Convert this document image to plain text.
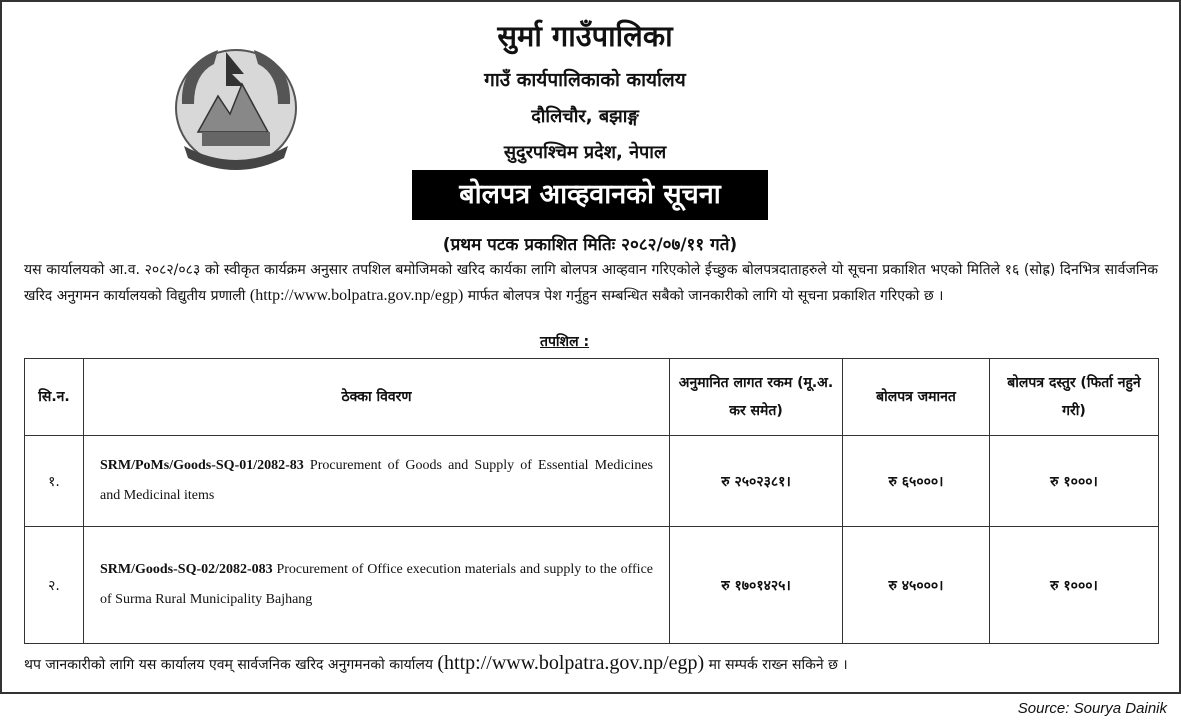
सुर्मा गाउँपालिका
गाउँ कार्यपालिकाको कार्यालय
दौलिचौर, बझाङ्ग
सुदुरपश्चिम प्रदेश, नेपाल
बोलपत्र आव्हवानको सूचना
(प्रथम पटक प्रकाशित मितिः २०८२/०७/११ गते)
यस कार्यालयको आ.व. २०८२/०८३ को स्वीकृत कार्यक्रम अनुसार तपशिल बमोजिमको खरिद कार्यका लागि बोलपत्र आव्हवान गरिएकोले ईच्छुक बोलपत्रदाताहरुले यो सूचना प्रकाशित भएको मितिले १६ (सोह्र) दिनभित्र सार्वजनिक खरिद अनुगमन कार्यालयको विद्युतीय प्रणाली (http://www.bolpatra.gov.np/egp) मार्फत बोलपत्र पेश गर्नुहुन सम्बन्धित सबैको जानकारीको लागि यो सूचना प्रकाशित गरिएको छ ।
तपशिल :
सि.न.	ठेक्का विवरण	अनुमानित लागत रकम (मू.अ. कर समेत)	बोलपत्र जमानत	बोलपत्र दस्तुर (फिर्ता नहुने गरी)
१.	SRM/PoMs/Goods-SQ-01/2082-83 Procurement of Goods and Supply of Essential Medicines and Medicinal items	रु २५०२३८१।	रु ६५०००।	रु १०००।
२.	SRM/Goods-SQ-02/2082-083 Procurement of Office execution materials and supply to the office of Surma Rural Municipality Bajhang	रु १७०१४२५।	रु ४५०००।	रु १०००।
थप जानकारीको लागि यस कार्यालय एवम् सार्वजनिक खरिद अनुगमनको कार्यालय (http://www.bolpatra.gov.np/egp) मा सम्पर्क राख्न सकिने छ ।
Source: Sourya Dainik
